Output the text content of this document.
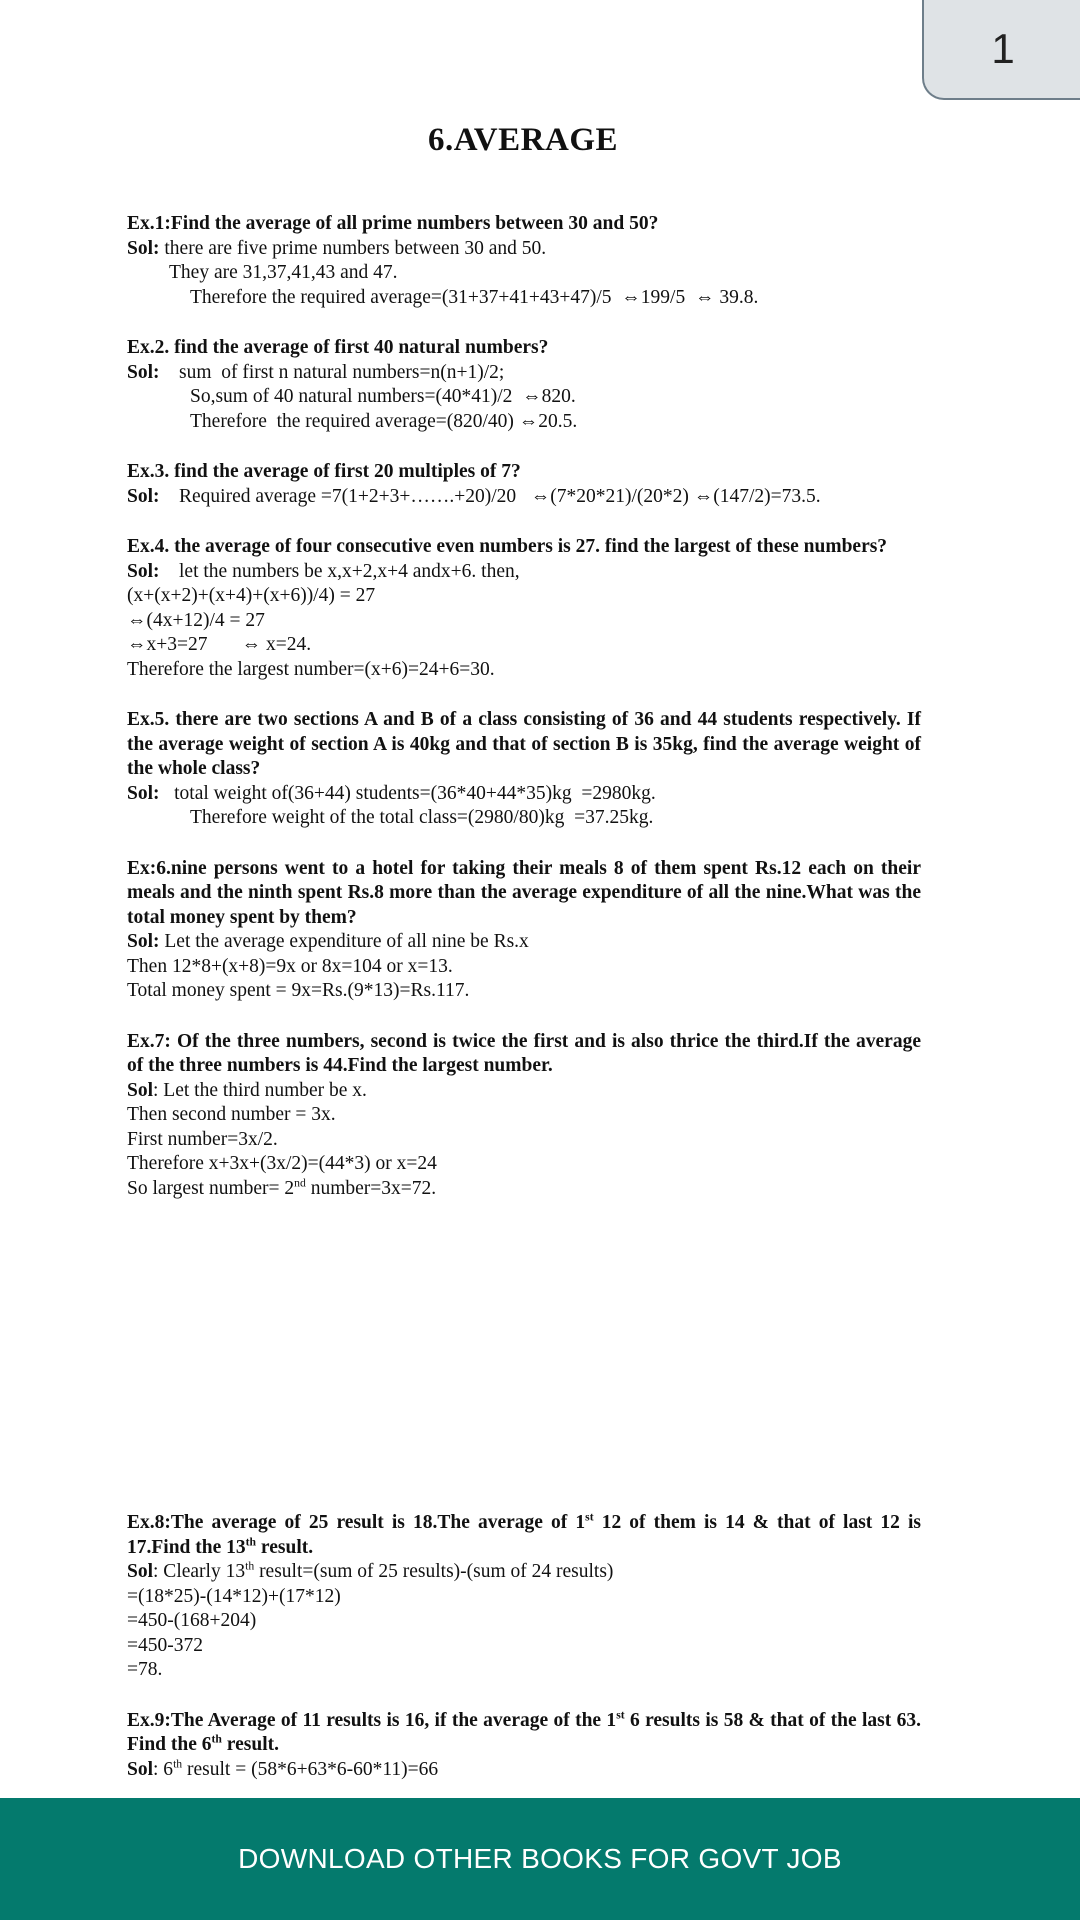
1
6.AVERAGE
Ex.1:Find the average of all prime numbers between 30 and 50?
Sol: there are five prime numbers between 30 and 50.
They are 31,37,41,43 and 47.
Therefore the required average=(31+37+41+43+47)/5  ⇔199/5  ⇔ 39.8.
Ex.2. find the average of first 40 natural numbers?
Sol:    sum  of first n natural numbers=n(n+1)/2;
So,sum of 40 natural numbers=(40*41)/2  ⇔820.
Therefore  the required average=(820/40) ⇔20.5.
Ex.3. find the average of first 20 multiples of 7?
Sol:    Required average =7(1+2+3+…….+20)/20   ⇔(7*20*21)/(20*2) ⇔(147/2)=73.5.
Ex.4. the average of four consecutive even numbers is 27. find the largest of these numbers?
Sol:    let the numbers be x,x+2,x+4 andx+6. then,
(x+(x+2)+(x+4)+(x+6))/4) = 27
⇔(4x+12)/4 = 27
⇔x+3=27       ⇔ x=24.
Therefore the largest number=(x+6)=24+6=30.
Ex.5. there are two sections A and B of a class consisting of 36 and 44 students respectively. If the average weight of section A is 40kg and that of section B is 35kg, find the average weight of the whole class?
Sol:   total weight of(36+44) students=(36*40+44*35)kg  =2980kg.
Therefore weight of the total class=(2980/80)kg  =37.25kg.
Ex:6.nine persons went to a hotel for taking their meals 8 of them spent Rs.12 each on their meals and the ninth spent Rs.8 more than the average expenditure of all the nine.What was the total money spent by them?
Sol: Let the average expenditure of all nine be Rs.x
Then 12*8+(x+8)=9x or 8x=104 or x=13.
Total money spent = 9x=Rs.(9*13)=Rs.117.
Ex.7: Of the three numbers, second is twice the first and is also thrice the third.If the average of the three numbers is 44.Find the largest number.
Sol: Let the third number be x.
Then second number = 3x.
First number=3x/2.
Therefore x+3x+(3x/2)=(44*3) or x=24
So largest number= 2nd number=3x=72.
Ex.8:The average of 25 result is 18.The average of 1st 12 of them is 14 & that of last 12 is 17.Find the 13th result.
Sol: Clearly 13th result=(sum of 25 results)-(sum of 24 results)
=(18*25)-(14*12)+(17*12)
=450-(168+204)
=450-372
=78.
Ex.9:The Average of 11 results is 16, if the average of the 1st 6 results is 58 & that of the last 63. Find the 6th result.
Sol: 6th result = (58*6+63*6-60*11)=66
DOWNLOAD OTHER BOOKS FOR GOVT JOB
